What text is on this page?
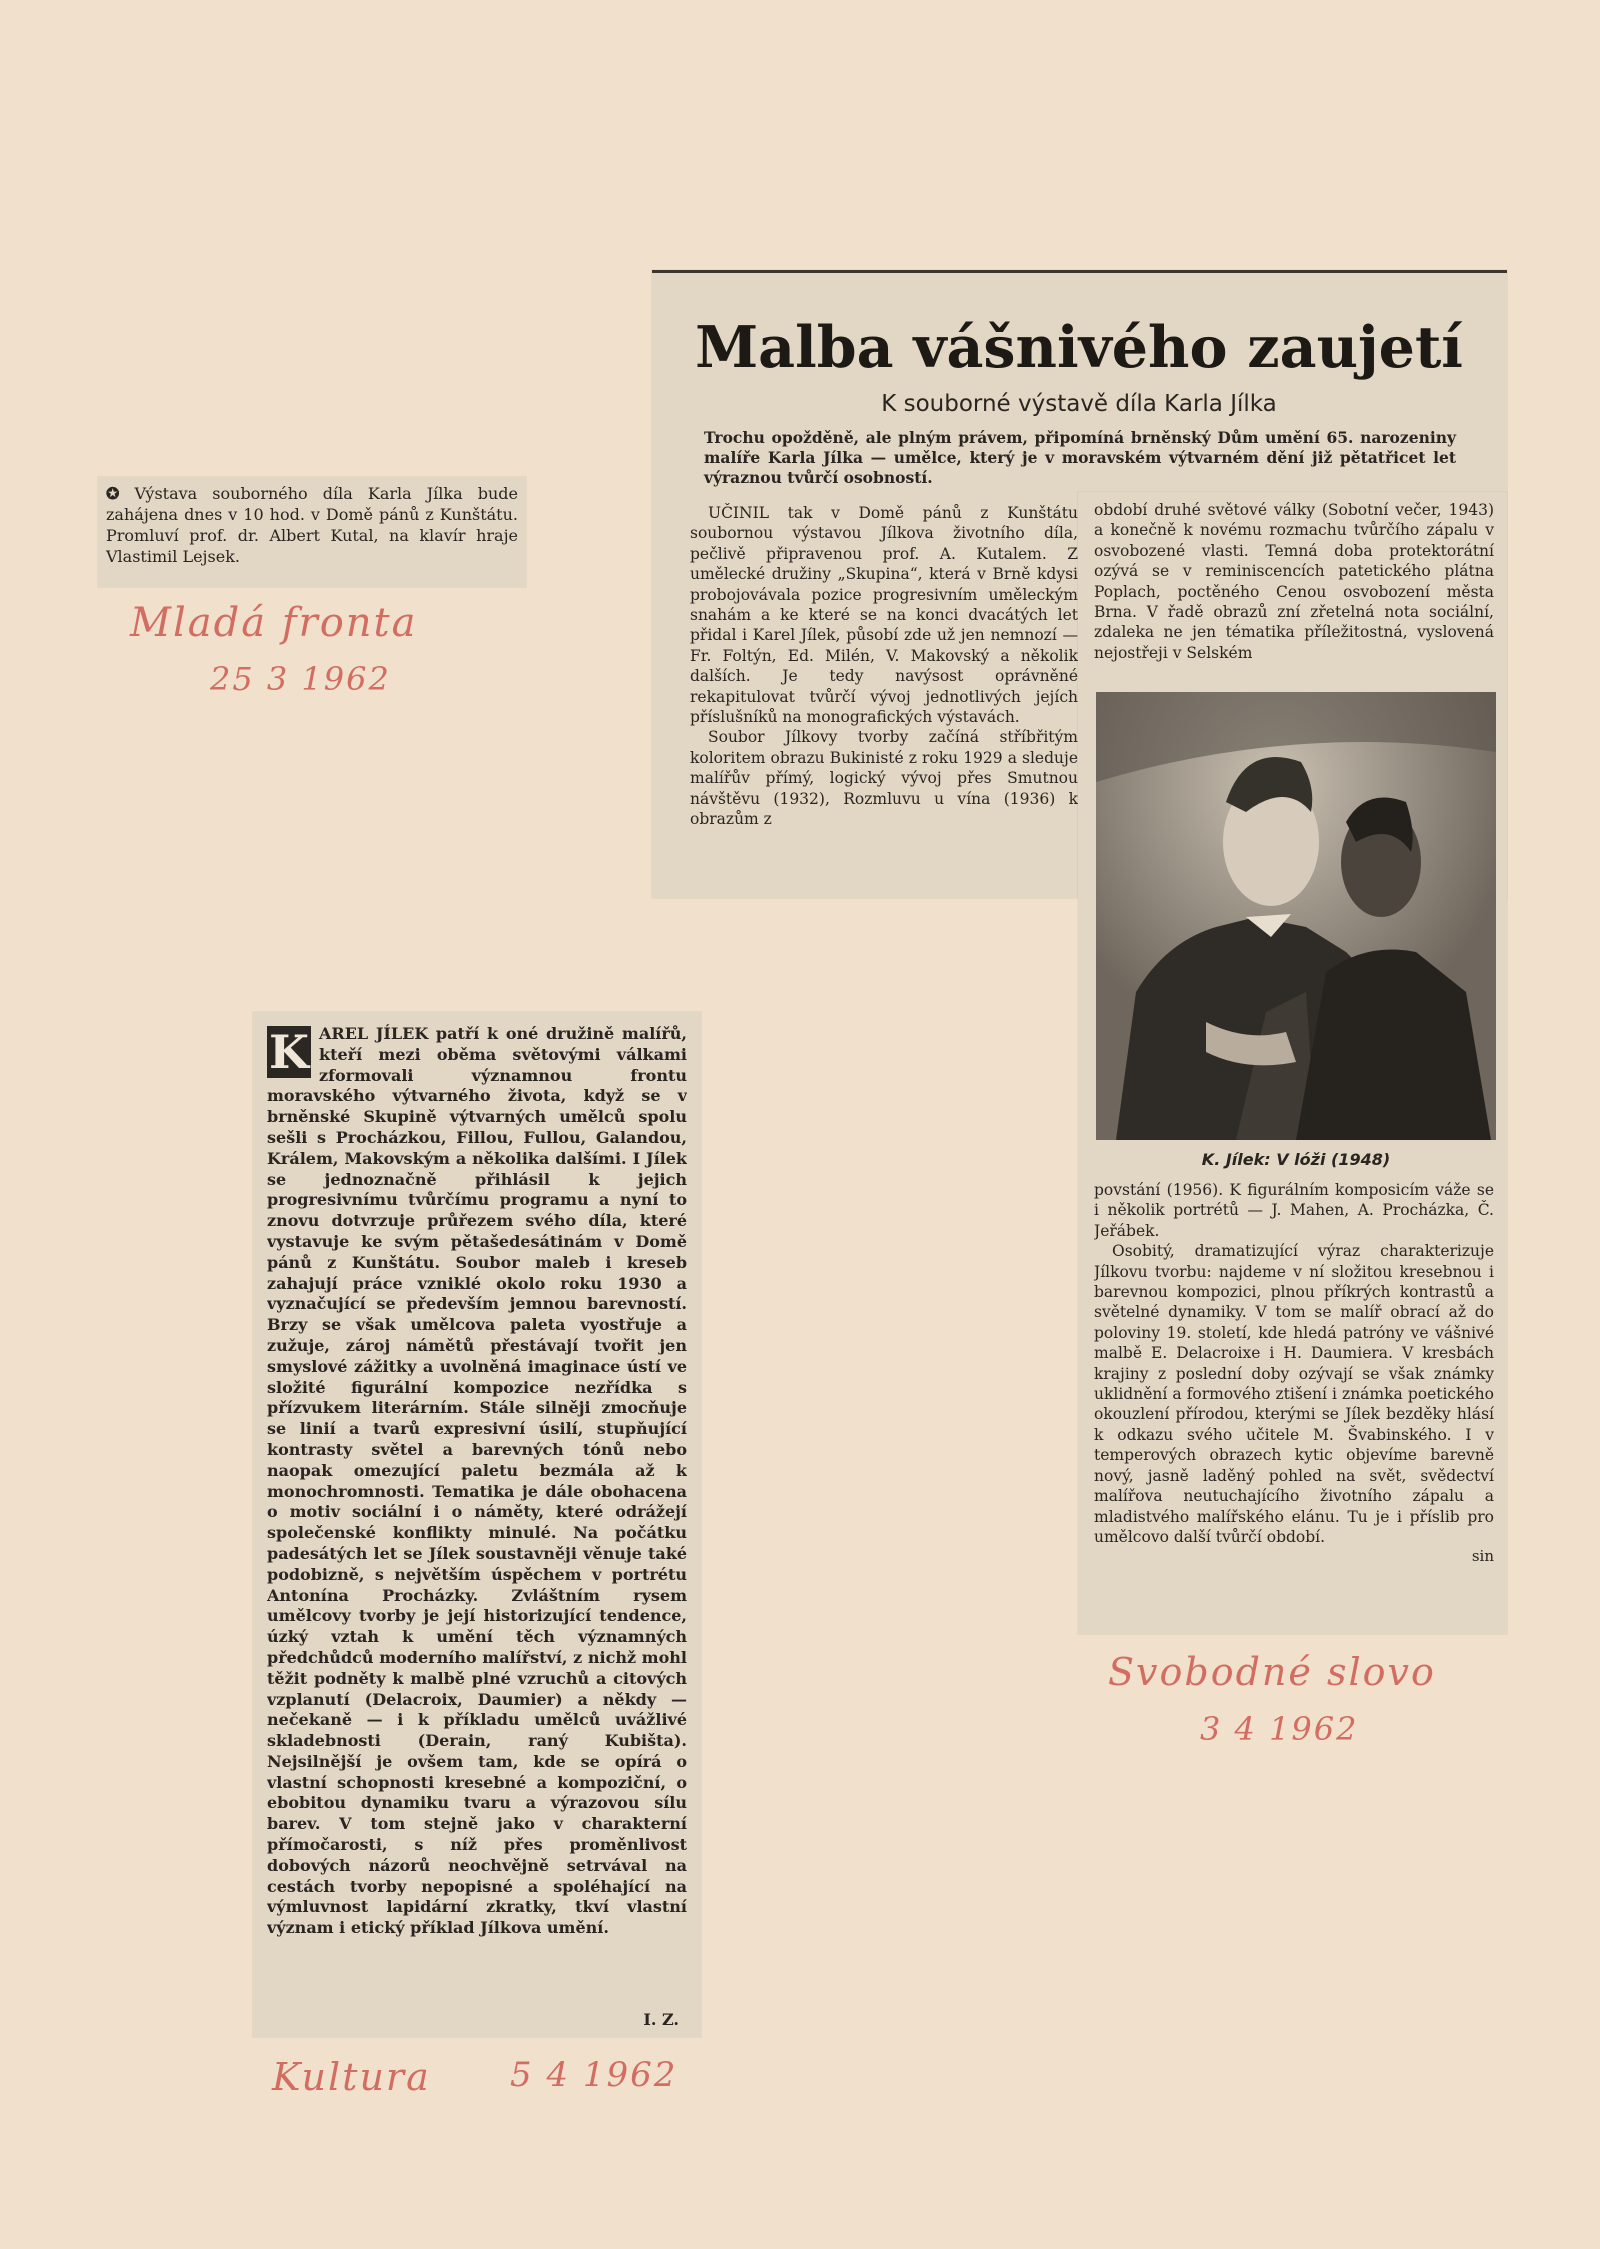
✪ Výstava souborného díla Karla Jílka bude zahájena dnes v 10 hod. v Domě pánů z Kunštátu. Promluví prof. dr. Albert Kutal, na klavír hraje Vlastimil Lejsek.

Mladá fronta
25 3 1962
Malba vášnivého zaujetí
K souborné výstavě díla Karla Jílka

Trochu opožděně, ale plným právem, připomíná brněnský Dům umění 65. narozeniny malíře Karla Jílka — umělce, který je v moravském výtvarném dění již pětatřicet let výraznou tvůrčí osobností.

UČINIL tak v Domě pánů z Kunštátu soubornou výstavou Jílkova životního díla, pečlivě připravenou prof. A. Kutalem. Z umělecké družiny „Skupina“, která v Brně kdysi probojovávala pozice progresivním uměleckým snahám a ke které se na konci dvacátých let přidal i Karel Jílek, působí zde už jen nemnozí — Fr. Foltýn, Ed. Milén, V. Makovský a několik dalších. Je tedy navýsost oprávněné rekapitulovat tvůrčí vývoj jednotlivých jejích příslušníků na monografických výstavách.

Soubor Jílkovy tvorby začíná stříbřitým koloritem obrazu Bukinisté z roku 1929 a sleduje malířův přímý, logický vývoj přes Smutnou návštěvu (1932), Rozmluvu u vína (1936) k obrazům z

období druhé světové války (Sobotní večer, 1943) a konečně k novému rozmachu tvůrčího zápalu v osvobozené vlasti. Temná doba protektorátní ozývá se v reminiscencích patetického plátna Poplach, poctěného Cenou osvobození města Brna. V řadě obrazů zní zřetelná nota sociální, zdaleka ne jen tématika příležitostná, vyslovená nejostřeji v Selském

K. Jílek: V lóži (1948)

povstání (1956). K figurálním komposicím váže se i několik portrétů — J. Mahen, A. Procházka, Č. Jeřábek.

Osobitý, dramatizující výraz charakterizuje Jílkovu tvorbu: najdeme v ní složitou kresebnou i barevnou kompozici, plnou příkrých kontrastů a světelné dynamiky. V tom se malíř obrací až do poloviny 19. století, kde hledá patróny ve vášnivé malbě E. Delacroixe i H. Daumiera. V kresbách krajiny z poslední doby ozývají se však známky uklidnění a formového ztišení i známka poetického okouzlení přírodou, kterými se Jílek bezděky hlásí k odkazu svého učitele M. Švabinského. I v temperových obrazech kytic objevíme barevně nový, jasně laděný pohled na svět, svědectví malířova neutuchajícího životního zápalu a mladistvého malířského elánu. Tu je i příslib pro umělcovo další tvůrčí období.

sin
Svobodné slovo
3 4 1962
K AREL JÍLEK patří k oné družině malířů, kteří mezi oběma světovými válkami zformovali významnou frontu moravského výtvarného života, když se v brněnské Skupině výtvarných umělců spolu sešli s Procházkou, Fillou, Fullou, Galandou, Králem, Makovským a několika dalšími. I Jílek se jednoznačně přihlásil k jejich progresivnímu tvůrčímu programu a nyní to znovu dotvrzuje průřezem svého díla, které vystavuje ke svým pětašedesátinám v Domě pánů z Kunštátu. Soubor maleb i kreseb zahajují práce vzniklé okolo roku 1930 a vyznačující se především jemnou barevností. Brzy se však umělcova paleta vyostřuje a zužuje, zároj námětů přestávají tvořit jen smyslové zážitky a uvolněná imaginace ústí ve složité figurální kompozice nezřídka s přízvukem literárním. Stále silněji zmocňuje se linií a tvarů expresivní úsilí, stupňující kontrasty světel a barevných tónů nebo naopak omezující paletu bezmála až k monochromnosti. Tematika je dále obohacena o motiv sociální i o náměty, které odrážejí společenské konflikty minulé. Na počátku padesátých let se Jílek soustavněji věnuje také podobizně, s největším úspěchem v portrétu Antonína Procházky. Zvláštním rysem umělcovy tvorby je její historizující tendence, úzký vztah k umění těch významných předchůdců moderního malířství, z nichž mohl těžit podněty k malbě plné vzruchů a citových vzplanutí (Delacroix, Daumier) a někdy — nečekaně — i k příkladu umělců uvážlivé skladebnosti (Derain, raný Kubišta). Nejsilnější je ovšem tam, kde se opírá o vlastní schopnosti kresebné a kompoziční, o ebobitou dynamiku tvaru a výrazovou sílu barev. V tom stejně jako v charakterní přímočarosti, s níž přes proměnlivost dobových názorů neochvějně setrvával na cestách tvorby nepopisné a spoléhající na výmluvnost lapidární zkratky, tkví vlastní význam i etický příklad Jílkova umění.

I. Z.
Kultura 5 4 1962
